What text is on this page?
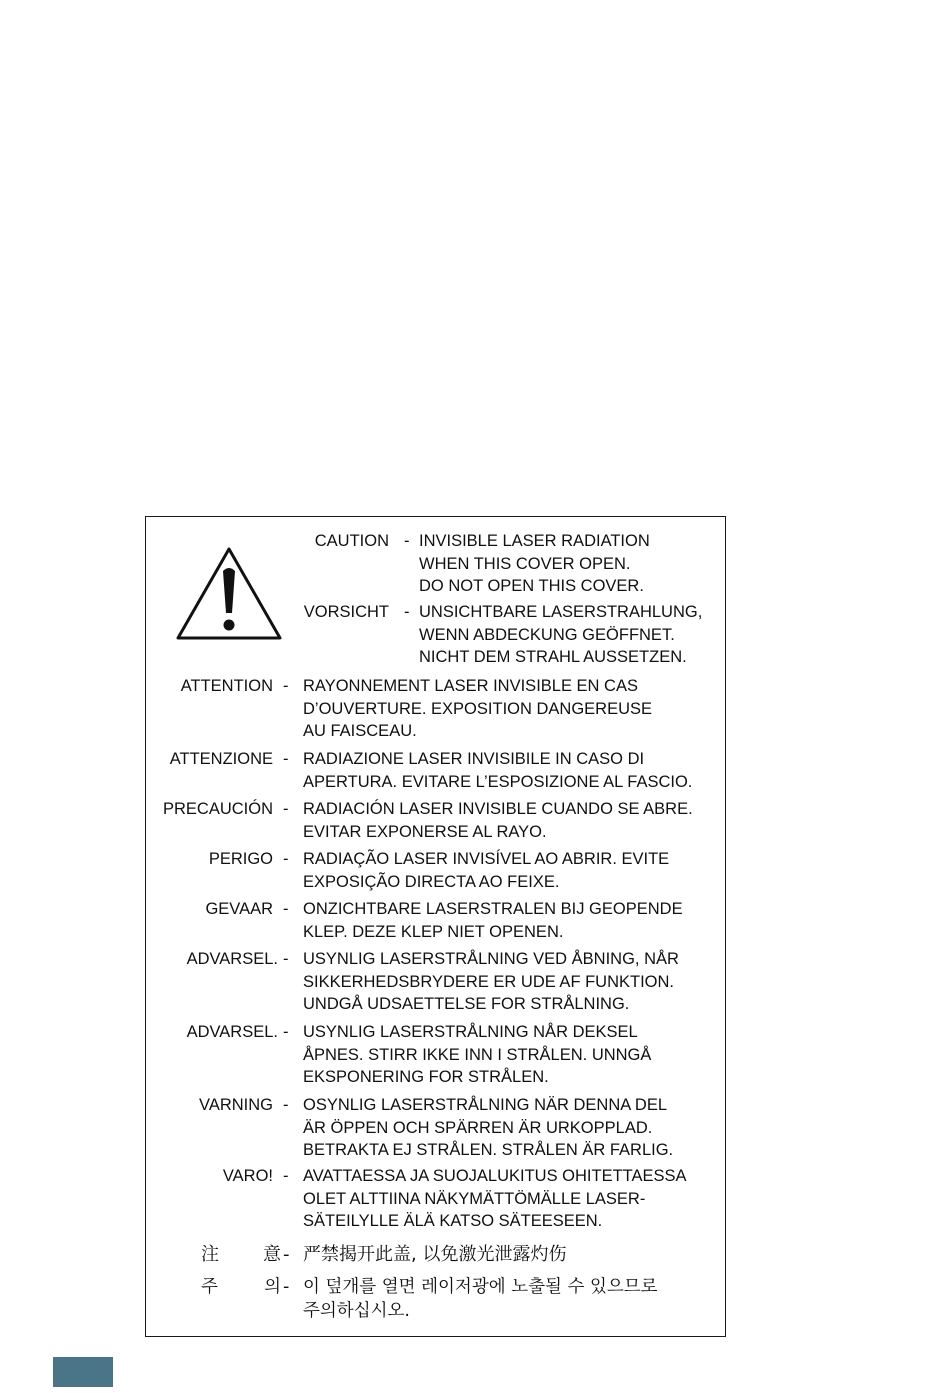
CAUTION - INVISIBLE LASER RADIATION
WHEN THIS COVER OPEN.
DO NOT OPEN THIS COVER.
VORSICHT - UNSICHTBARE LASERSTRAHLUNG,
WENN ABDECKUNG GEÖFFNET.
NICHT DEM STRAHL AUSSETZEN.
ATTENTION - RAYONNEMENT LASER INVISIBLE EN CAS
D’OUVERTURE. EXPOSITION DANGEREUSE
AU FAISCEAU.
ATTENZIONE - RADIAZIONE LASER INVISIBILE IN CASO DI
APERTURA. EVITARE L’ESPOSIZIONE AL FASCIO.
PRECAUCIÓN - RADIACIÓN LASER INVISIBLE CUANDO SE ABRE.
EVITAR EXPONERSE AL RAYO.
PERIGO - RADIAÇÃO LASER INVISÍVEL AO ABRIR. EVITE
EXPOSIÇÃO DIRECTA AO FEIXE.
GEVAAR - ONZICHTBARE LASERSTRALEN BIJ GEOPENDE
KLEP. DEZE KLEP NIET OPENEN.
ADVARSEL. - USYNLIG LASERSTRÅLNING VED ÅBNING, NÅR
SIKKERHEDSBRYDERE ER UDE AF FUNKTION.
UNDGÅ UDSAETTELSE FOR STRÅLNING.
ADVARSEL. - USYNLIG LASERSTRÅLNING NÅR DEKSEL
ÅPNES. STIRR IKKE INN I STRÅLEN. UNNGÅ
EKSPONERING FOR STRÅLEN.
VARNING - OSYNLIG LASERSTRÅLNING NÄR DENNA DEL
ÄR ÖPPEN OCH SPÄRREN ÄR URKOPPLAD.
BETRAKTA EJ STRÅLEN. STRÅLEN ÄR FARLIG.
VARO! - AVATTAESSA JA SUOJALUKITUS OHITETTAESSA
OLET ALTTIINA NÄKYMÄTTÖMÄLLE LASER-
SÄTEILYLLE ÄLÄ KATSO SÄTEESEEN.
注 意 - 严禁揭开此盖, 以免激光泄露灼伤
주	의 - 이 덮개를 열면 레이저광에 노출될 수 있으므로
주의하십시오.
